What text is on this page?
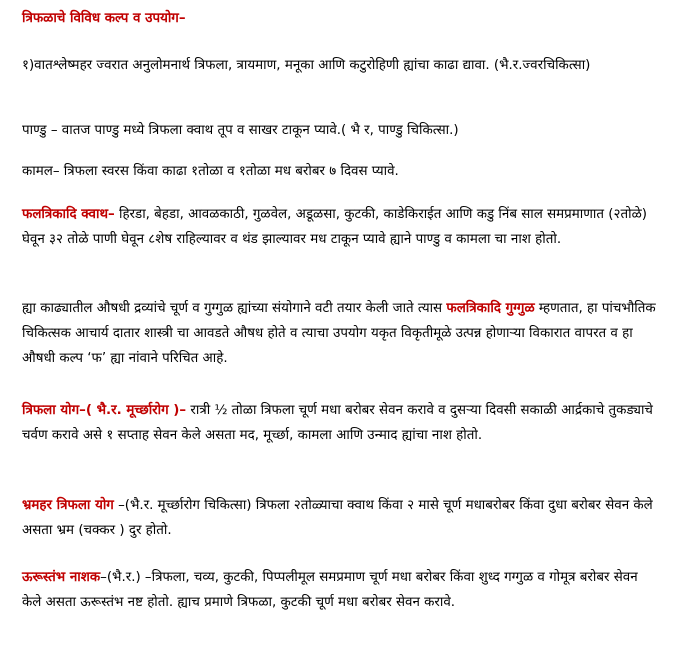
त्रिफळाचे विविध कल्प व उपयोग–
१)वातश्लेष्महर ज्वरात अनुलोमनार्थ त्रिफला, त्रायमाण, मनूका आणि कटुरोहिणी ह्यांचा काढा द्यावा. (भै.र.ज्वरचिकित्सा)
पाण्डु – वातज पाण्डु मध्ये त्रिफला क्वाथ तूप व साखर टाकून प्यावे.( भै र, पाण्डु चिकित्सा.)
कामल– त्रिफला स्वरस किंवा काढा १तोळा व १तोळा मध बरोबर ७ दिवस प्यावे.
फलत्रिकादि क्वाथ– हिरडा, बेहडा, आवळकाठी, गुळवेल, अडूळसा, कुटकी, काडेकिराईत आणि कडु निंब साल समप्रमाणात (२तोळे) घेवून ३२ तोळे पाणी घेवून ८शेष राहिल्यावर व थंड झाल्यावर मध टाकून प्यावे ह्याने पाण्डु व कामला चा नाश होतो.
ह्या काढ्यातील औषधी द्रव्यांचे चूर्ण व गुग्गुळ ह्यांच्या संयोगाने वटी तयार केली जाते त्यास फलत्रिकादि गुग्गुळ म्हणतात, हा पांचभौतिक चिकित्सक आचार्य दातार शास्त्री चा आवडते औषध होते व त्याचा उपयोग यकृत विकृतीमूळे उत्पन्न होणाऱ्या विकारात वापरत व हा औषधी कल्प ‘फ’ ह्या नांवाने परिचित आहे.
त्रिफला योग–( भै.र. मूर्च्छारोग )– रात्री ½ तोळा त्रिफला चूर्ण मधा बरोबर सेवन करावे व दुसऱ्या दिवसी सकाळी आर्द्रकाचे तुकड्याचे चर्वण करावे असे १ सप्ताह सेवन केले असता मद, मूर्च्छा, कामला आणि उन्माद ह्यांचा नाश होतो.
भ्रमहर त्रिफला योग –(भै.र. मूर्च्छारोग चिकित्सा) त्रिफला २तोळ्याचा क्वाथ किंवा २ मासे चूर्ण मधाबरोबर किंवा दुधा बरोबर सेवन केले असता भ्रम (चक्कर ) दुर होतो.
ऊरूस्तंभ नाशक–(भै.र.) –त्रिफला, चव्य, कुटकी, पिप्पलीमूल समप्रमाण चूर्ण मधा बरोबर किंवा शुध्द गग्गुळ व गोमूत्र बरोबर सेवन केले असता ऊरूस्तंभ नष्ट होतो. ह्याच प्रमाणे त्रिफळा, कुटकी चूर्ण मधा बरोबर सेवन करावे.
